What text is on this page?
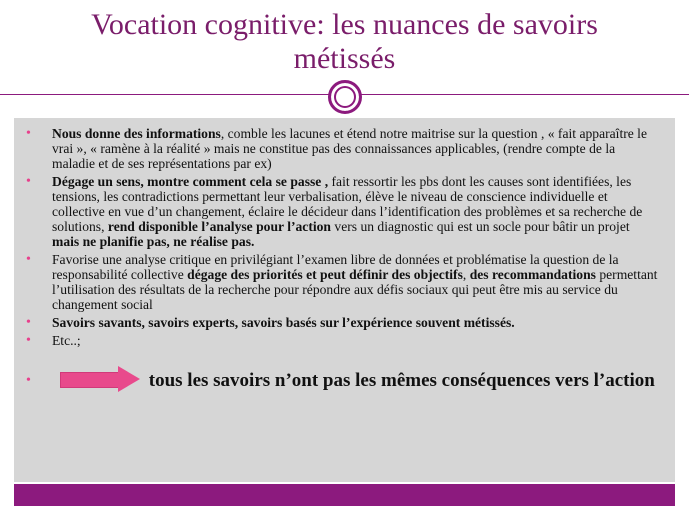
Vocation cognitive: les nuances de savoirs
métissés
• Nous donne des informations, comble les lacunes et étend notre maitrise sur la question , « fait apparaître le vrai », « ramène à la réalité » mais ne constitue pas des connaissances applicables, (rendre compte de la maladie et de ses représentations par ex)
• Dégage un sens, montre comment cela se passe , fait ressortir les pbs dont les causes sont identifiées, les tensions, les contradictions permettant leur verbalisation, élève le niveau de conscience individuelle et collective en vue d’un changement, éclaire le décideur dans l’identification des problèmes et sa recherche de solutions, rend disponible l’analyse pour l’action vers un diagnostic qui est un socle pour bâtir un projet mais ne planifie pas, ne réalise pas.
• Favorise une analyse critique en privilégiant l’examen libre de données et problématise la question de la responsabilité collective dégage des priorités et peut définir des objectifs, des recommandations permettant l’utilisation des résultats de la recherche pour répondre aux défis sociaux qui peut être mis au service du changement social
• Savoirs savants, savoirs experts, savoirs basés sur l’expérience souvent métissés.
• Etc..;
•	tous les savoirs n’ont pas les mêmes conséquences vers l’action
